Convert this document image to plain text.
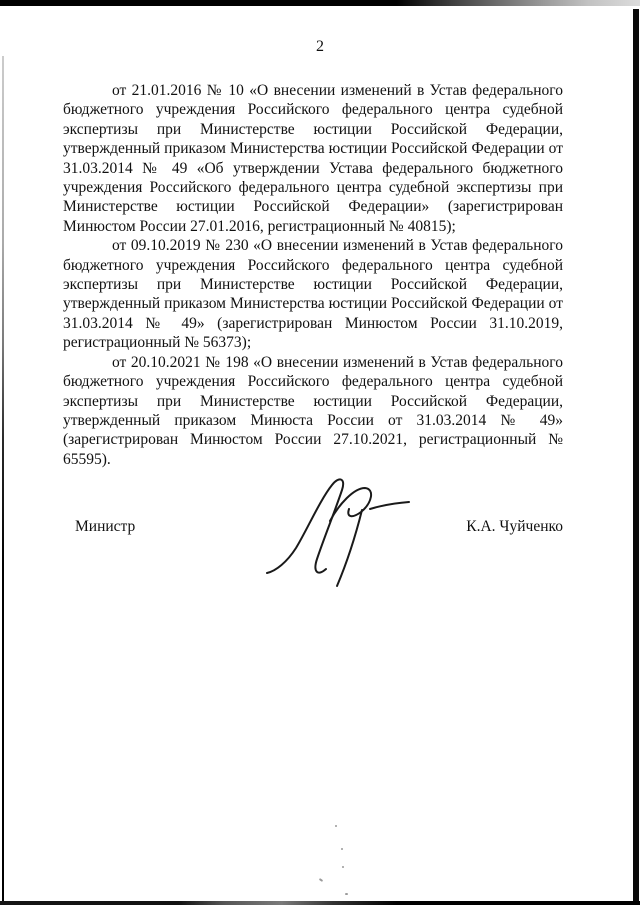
2

от 21.01.2016 № 10 «О внесении изменений в Устав федерального бюджетного учреждения Российского федерального центра судебной экспертизы при Министерстве юстиции Российской Федерации, утвержденный приказом Министерства юстиции Российской Федерации от 31.03.2014 № 49 «Об утверждении Устава федерального бюджетного учреждения Российского федерального центра судебной экспертизы при Министерстве юстиции Российской Федерации» (зарегистрирован Минюстом России 27.01.2016, регистрационный № 40815);

от 09.10.2019 № 230 «О внесении изменений в Устав федерального бюджетного учреждения Российского федерального центра судебной экспертизы при Министерстве юстиции Российской Федерации, утвержденный приказом Министерства юстиции Российской Федерации от 31.03.2014 № 49» (зарегистрирован Минюстом России 31.10.2019, регистрационный № 56373);

от 20.10.2021 № 198 «О внесении изменений в Устав федерального бюджетного учреждения Российского федерального центра судебной экспертизы при Министерстве юстиции Российской Федерации, утвержденный приказом Минюста России от 31.03.2014 № 49» (зарегистрирован Минюстом России 27.10.2021, регистрационный № 65595).

Министр	К.А. Чуйченко
